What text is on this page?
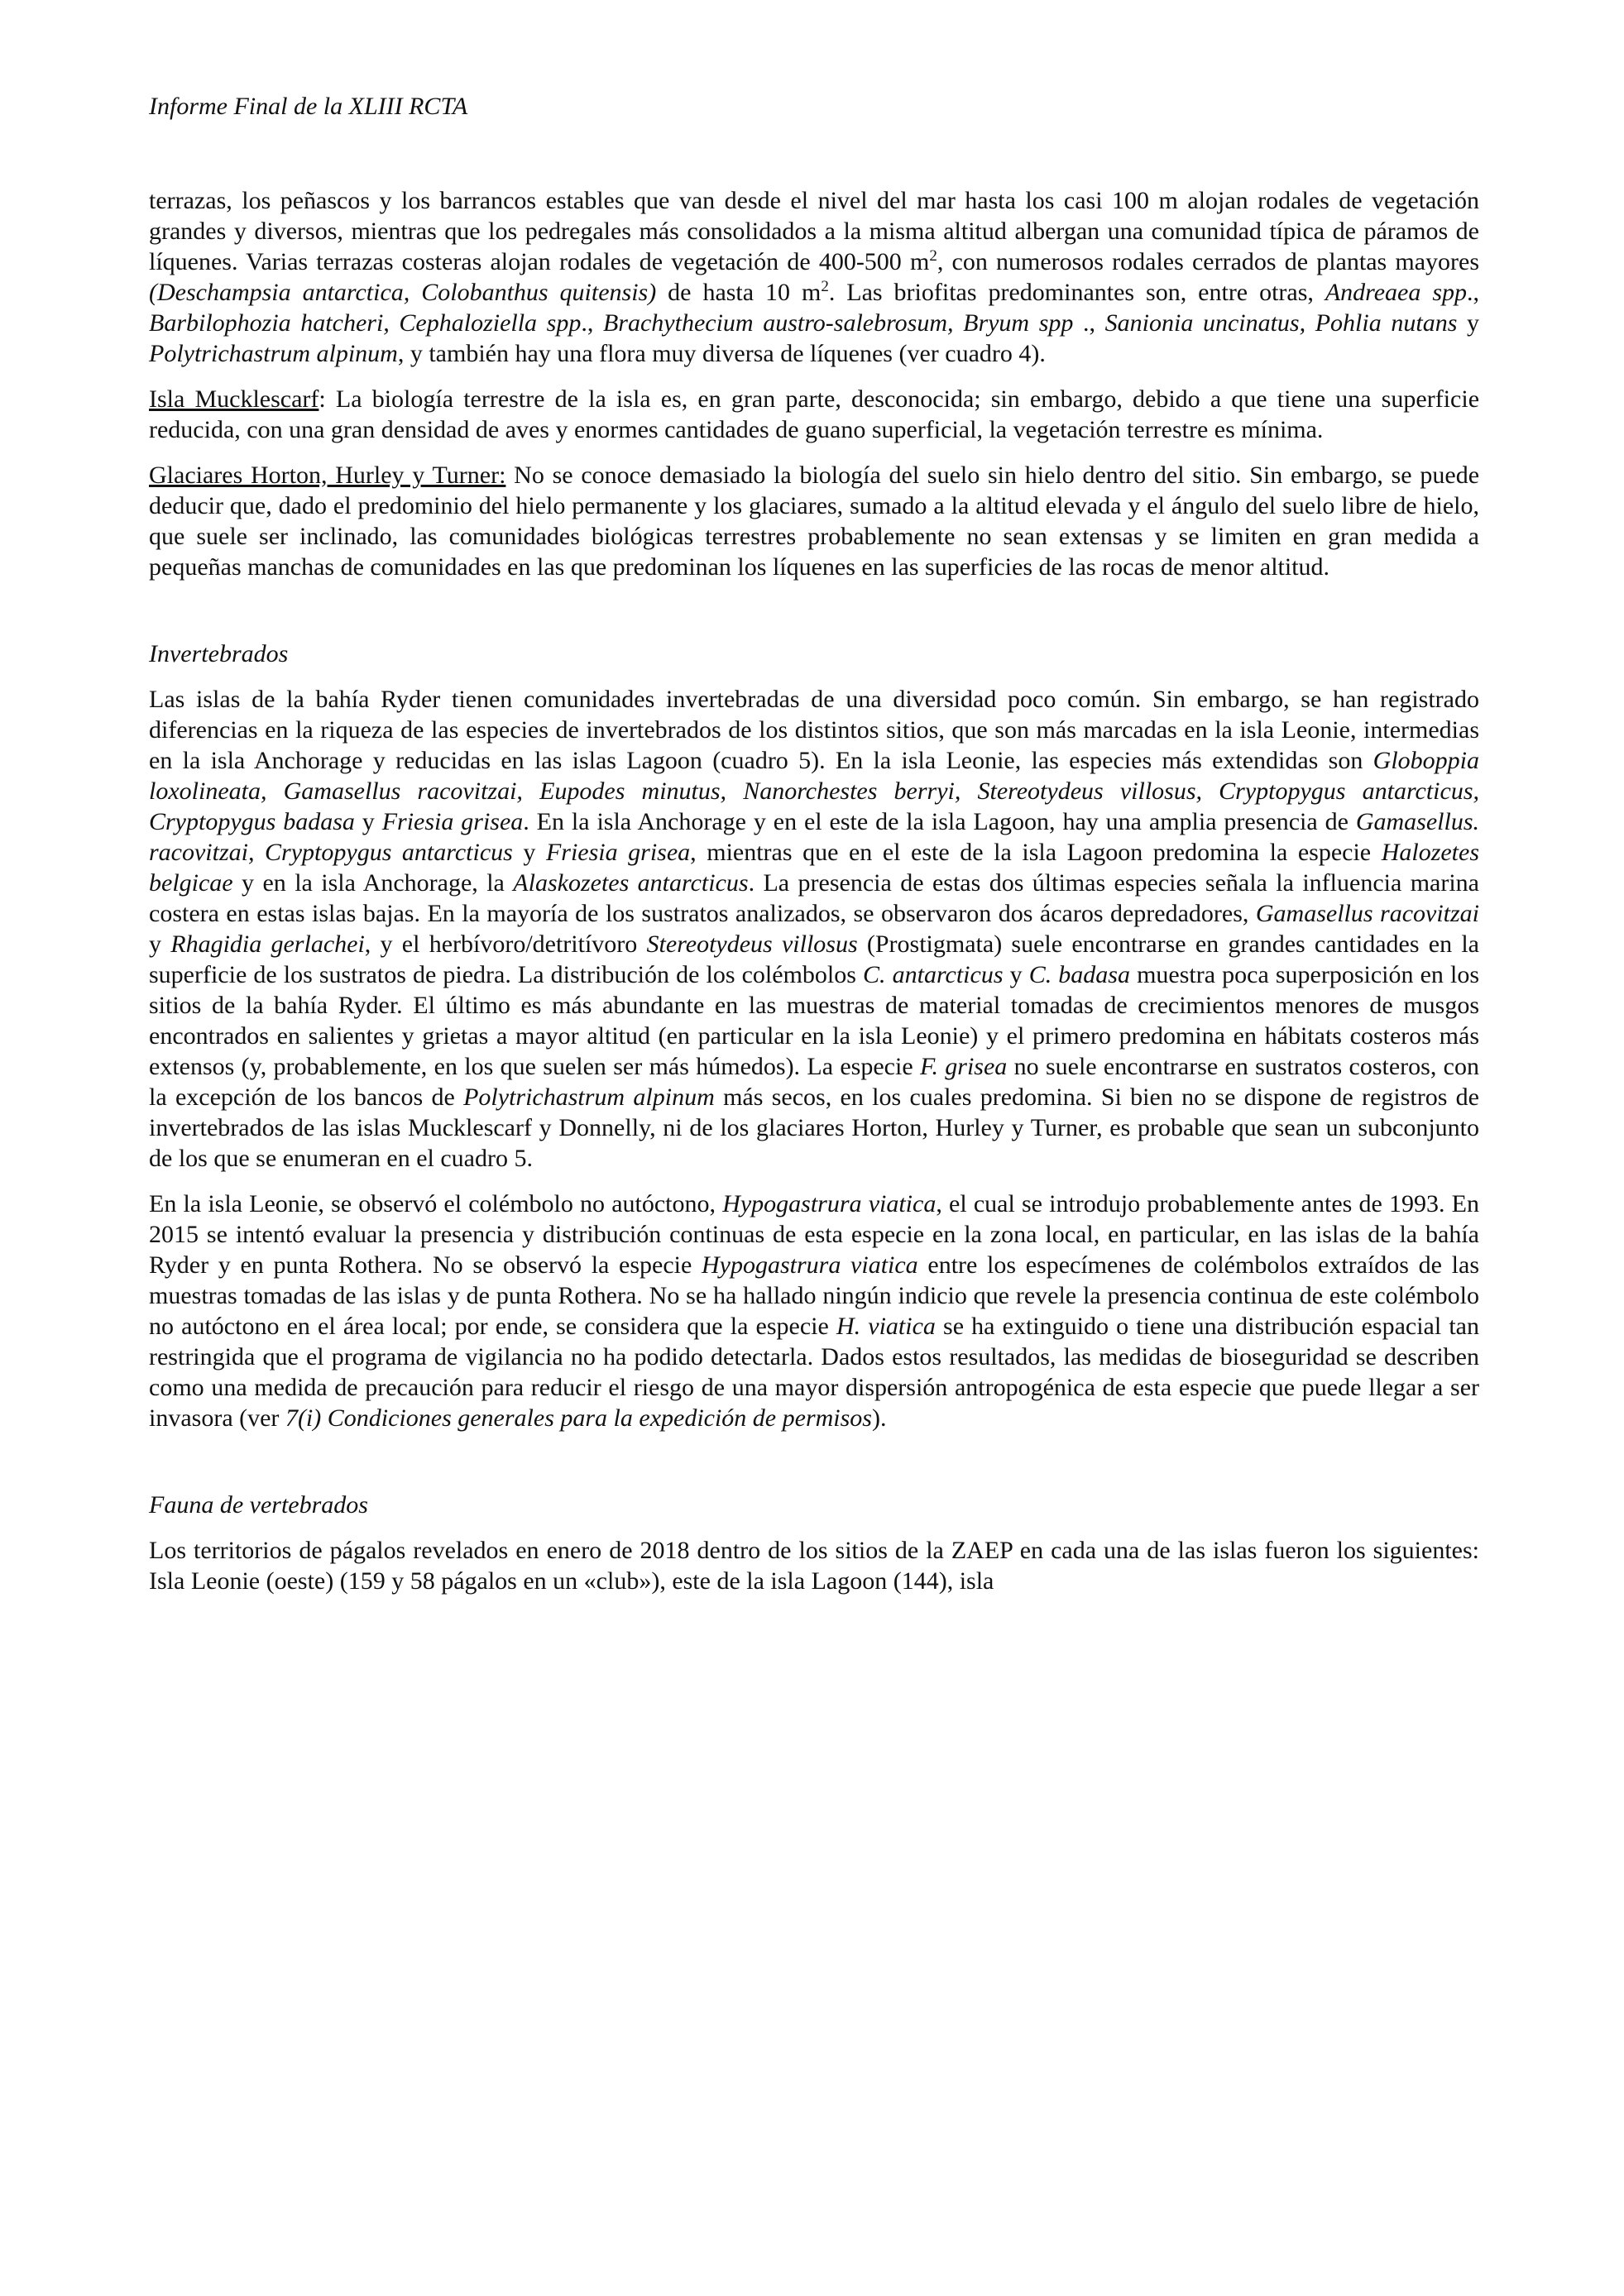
Informe Final de la XLIII RCTA

terrazas, los peñascos y los barrancos estables que van desde el nivel del mar hasta los casi 100 m alojan rodales de vegetación grandes y diversos, mientras que los pedregales más consolidados a la misma altitud albergan una comunidad típica de páramos de líquenes. Varias terrazas costeras alojan rodales de vegetación de 400-500 $m^2$, con numerosos rodales cerrados de plantas mayores (Deschampsia antarctica, Colobanthus quitensis) de hasta 10 $m^2$. Las briofitas predominantes son, entre otras, Andreaea spp., Barbilophozia hatcheri, Cephaloziella spp., Brachythecium austro-salebrosum, Bryum spp ., Sanionia uncinatus, Pohlia nutans y Polytrichastrum alpinum, y también hay una flora muy diversa de líquenes (ver cuadro 4).

Isla Mucklescarf: La biología terrestre de la isla es, en gran parte, desconocida; sin embargo, debido a que tiene una superficie reducida, con una gran densidad de aves y enormes cantidades de guano superficial, la vegetación terrestre es mínima.

Glaciares Horton, Hurley y Turner: No se conoce demasiado la biología del suelo sin hielo dentro del sitio. Sin embargo, se puede deducir que, dado el predominio del hielo permanente y los glaciares, sumado a la altitud elevada y el ángulo del suelo libre de hielo, que suele ser inclinado, las comunidades biológicas terrestres probablemente no sean extensas y se limiten en gran medida a pequeñas manchas de comunidades en las que predominan los líquenes en las superficies de las rocas de menor altitud.

Invertebrados

Las islas de la bahía Ryder tienen comunidades invertebradas de una diversidad poco común. Sin embargo, se han registrado diferencias en la riqueza de las especies de invertebrados de los distintos sitios, que son más marcadas en la isla Leonie, intermedias en la isla Anchorage y reducidas en las islas Lagoon (cuadro 5). En la isla Leonie, las especies más extendidas son Globoppia loxolineata, Gamasellus racovitzai, Eupodes minutus, Nanorchestes berryi, Stereotydeus villosus, Cryptopygus antarcticus, Cryptopygus badasa y Friesia grisea. En la isla Anchorage y en el este de la isla Lagoon, hay una amplia presencia de Gamasellus. racovitzai, Cryptopygus antarcticus y Friesia grisea, mientras que en el este de la isla Lagoon predomina la especie Halozetes belgicae y en la isla Anchorage, la Alaskozetes antarcticus. La presencia de estas dos últimas especies señala la influencia marina costera en estas islas bajas. En la mayoría de los sustratos analizados, se observaron dos ácaros depredadores, Gamasellus racovitzai y Rhagidia gerlachei, y el herbívoro/detritívoro Stereotydeus villosus (Prostigmata) suele encontrarse en grandes cantidades en la superficie de los sustratos de piedra. La distribución de los colémbolos C. antarcticus y C. badasa muestra poca superposición en los sitios de la bahía Ryder. El último es más abundante en las muestras de material tomadas de crecimientos menores de musgos encontrados en salientes y grietas a mayor altitud (en particular en la isla Leonie) y el primero predomina en hábitats costeros más extensos (y, probablemente, en los que suelen ser más húmedos). La especie F. grisea no suele encontrarse en sustratos costeros, con la excepción de los bancos de Polytrichastrum alpinum más secos, en los cuales predomina. Si bien no se dispone de registros de invertebrados de las islas Mucklescarf y Donnelly, ni de los glaciares Horton, Hurley y Turner, es probable que sean un subconjunto de los que se enumeran en el cuadro 5.

En la isla Leonie, se observó el colémbolo no autóctono, Hypogastrura viatica, el cual se introdujo probablemente antes de 1993. En 2015 se intentó evaluar la presencia y distribución continuas de esta especie en la zona local, en particular, en las islas de la bahía Ryder y en punta Rothera. No se observó la especie Hypogastrura viatica entre los especímenes de colémbolos extraídos de las muestras tomadas de las islas y de punta Rothera. No se ha hallado ningún indicio que revele la presencia continua de este colémbolo no autóctono en el área local; por ende, se considera que la especie H. viatica se ha extinguido o tiene una distribución espacial tan restringida que el programa de vigilancia no ha podido detectarla. Dados estos resultados, las medidas de bioseguridad se describen como una medida de precaución para reducir el riesgo de una mayor dispersión antropogénica de esta especie que puede llegar a ser invasora (ver 7(i) Condiciones generales para la expedición de permisos).

Fauna de vertebrados

Los territorios de págalos revelados en enero de 2018 dentro de los sitios de la ZAEP en cada una de las islas fueron los siguientes: Isla Leonie (oeste) (159 y 58 págalos en un «club»), este de la isla Lagoon (144), isla
